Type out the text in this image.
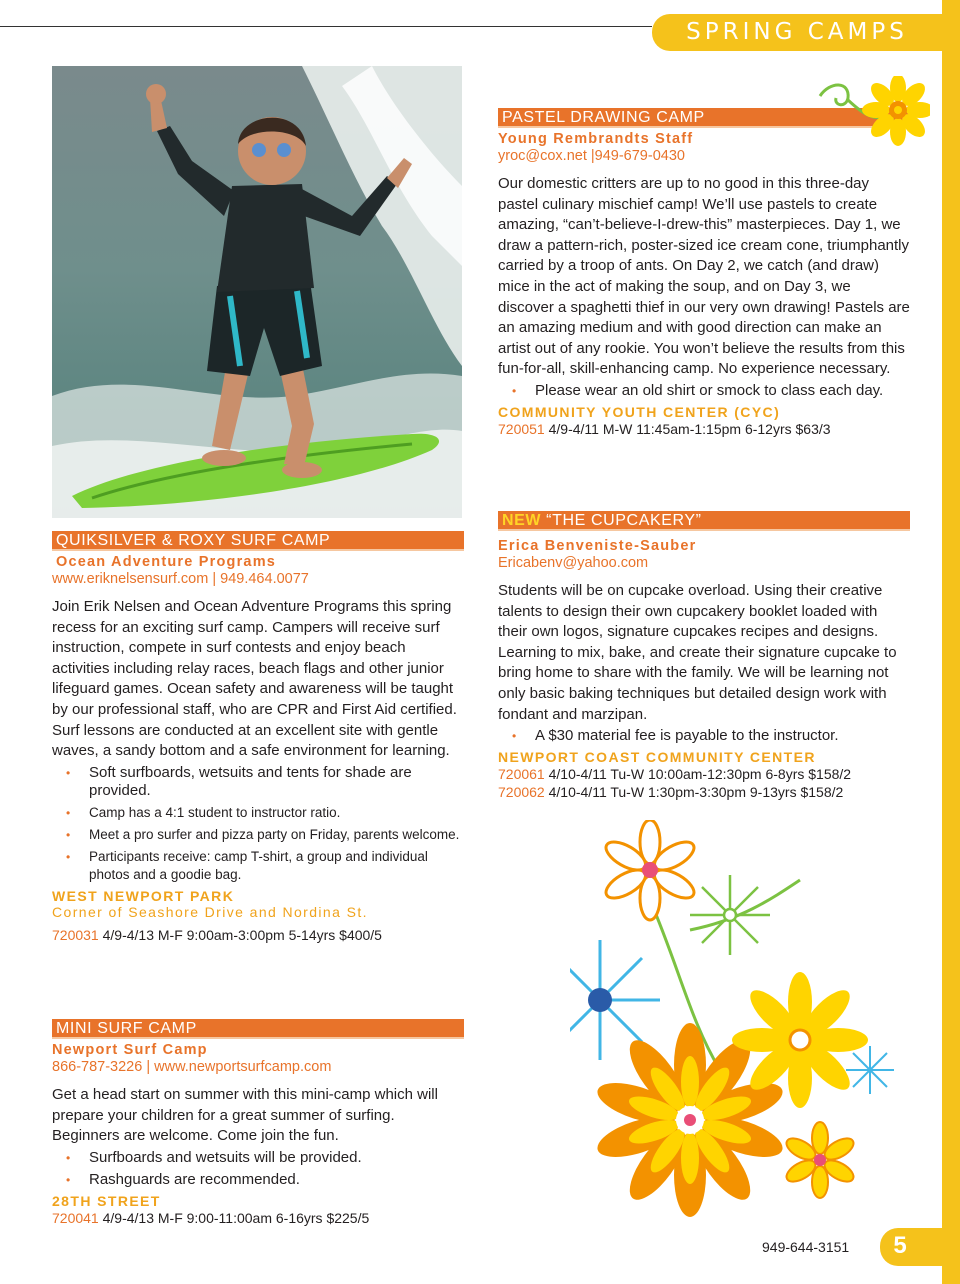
SPRING CAMPS
QUIKSILVER & ROXY SURF CAMP
Ocean Adventure Programs
www.eriknelsensurf.com | 949.464.0077
Join Erik Nelsen and Ocean Adventure Programs this spring recess for an exciting surf camp. Campers will receive surf instruction, compete in surf contests and enjoy beach activities including relay races, beach flags and other junior lifeguard games. Ocean safety and awareness will be taught by our professional staff, who are CPR and First Aid certified. Surf lessons are conducted at an excellent site with gentle waves, a sandy bottom and a safe environment for learning.
• Soft surfboards, wetsuits and tents for shade are provided.
• Camp has a 4:1 student to instructor ratio.
• Meet a pro surfer and pizza party on Friday, parents welcome.
• Participants receive: camp T-shirt, a group and individual photos and a goodie bag.
WEST NEWPORT PARK
Corner of Seashore Drive and Nordina St.
720031 4/9-4/13 M-F 9:00am-3:00pm 5-14yrs $400/5
MINI SURF CAMP
Newport Surf Camp
866-787-3226 | www.newportsurfcamp.com
Get a head start on summer with this mini-camp which will prepare your children for a great summer of surfing. Beginners are welcome. Come join the fun.
• Surfboards and wetsuits will be provided.
• Rashguards are recommended.
28TH STREET
720041 4/9-4/13 M-F 9:00-11:00am 6-16yrs $225/5
PASTEL DRAWING CAMP
Young Rembrandts Staff
yroc@cox.net |949-679-0430
Our domestic critters are up to no good in this three-day pastel culinary mischief camp! We’ll use pastels to create amazing, “can’t-believe-I-drew-this” masterpieces. Day 1, we draw a pattern-rich, poster-sized ice cream cone, triumphantly carried by a troop of ants. On Day 2, we catch (and draw) mice in the act of making the soup, and on Day 3, we discover a spaghetti thief in our very own drawing! Pastels are an amazing medium and with good direction can make an artist out of any rookie. You won’t believe the results from this fun-for-all, skill-enhancing camp. No experience necessary.
• Please wear an old shirt or smock to class each day.
COMMUNITY YOUTH CENTER (CYC)
720051 4/9-4/11 M-W 11:45am-1:15pm 6-12yrs $63/3
NEW “THE CUPCAKERY”
Erica Benveniste-Sauber
Ericabenv@yahoo.com
Students will be on cupcake overload. Using their creative talents to design their own cupcakery booklet loaded with their own logos, signature cupcakes recipes and designs. Learning to mix, bake, and create their signature cupcake to bring home to share with the family. We will be learning not only basic baking techniques but detailed design work with fondant and marzipan.
• A $30 material fee is payable to the instructor.
NEWPORT COAST COMMUNITY CENTER
720061 4/10-4/11 Tu-W 10:00am-12:30pm 6-8yrs $158/2
720062 4/10-4/11 Tu-W 1:30pm-3:30pm 9-13yrs $158/2
949-644-3151	5
